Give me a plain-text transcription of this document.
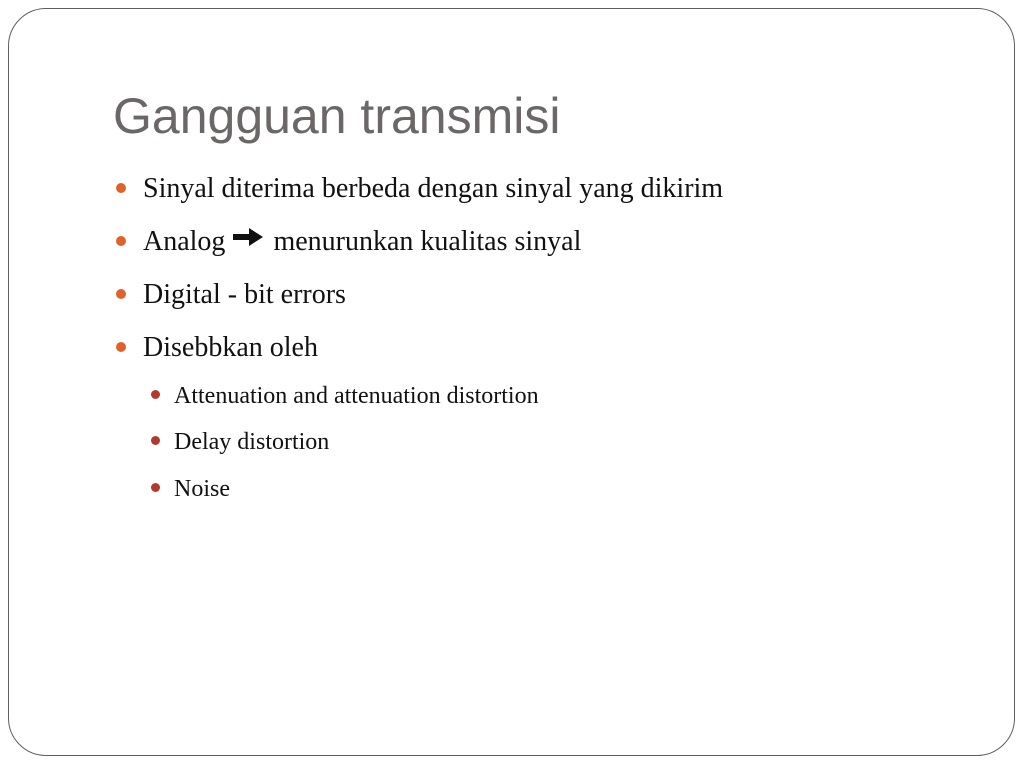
Gangguan transmisi
Sinyal diterima berbeda dengan sinyal yang dikirim
Analog menurunkan kualitas sinyal
Digital - bit errors
Disebbkan oleh
Attenuation and attenuation distortion
Delay distortion
Noise
